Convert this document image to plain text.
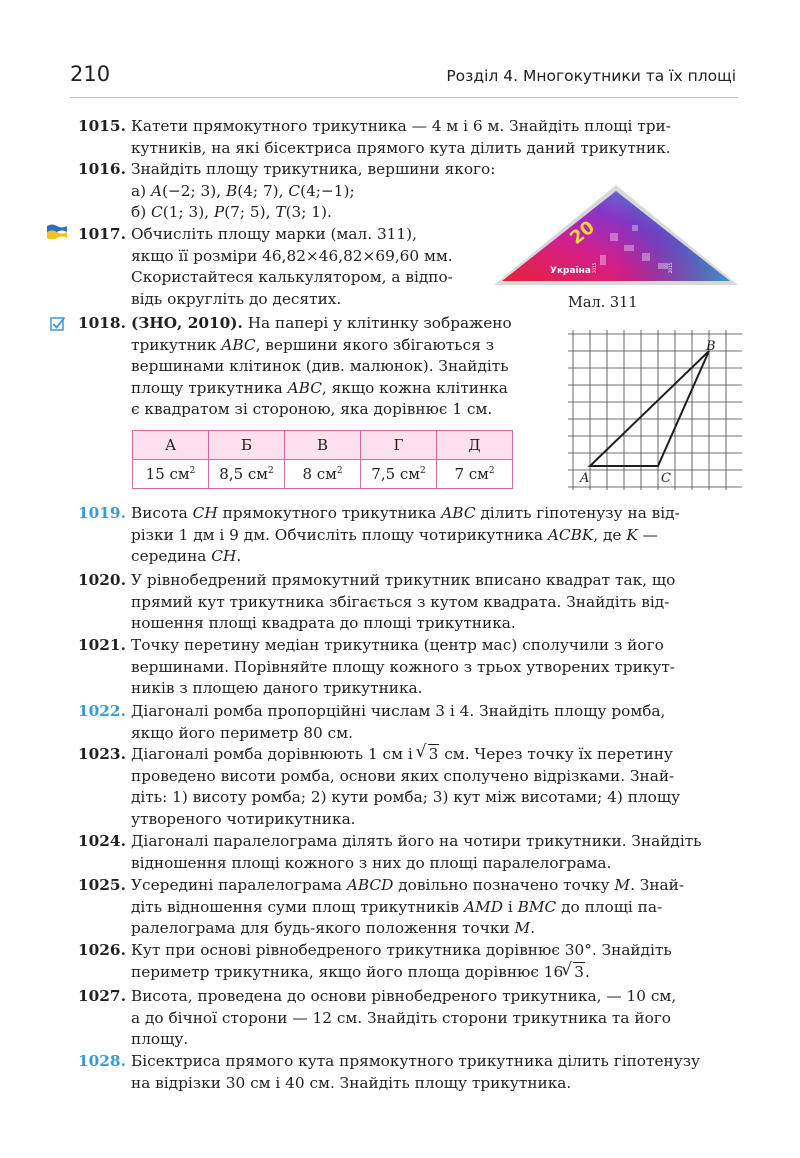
210	Розділ 4. Многокутники та їх площі
1015. Катети прямокутного трикутника — 4 м і 6 м. Знайдіть площі три-
кутників, на які бісектриса прямого кута ділить даний трикутник.
1016. Знайдіть площу трикутника, вершини якого:
а) A(−2; 3), B(4; 7), C(4;−1);
б) C(1; 3), P(7; 5), T(3; 1).
1017. Обчисліть площу марки (мал. 311),
якщо її розміри 46,82×46,82×69,60 мм.
Скористайтеся калькулятором, а відпо-
відь округліть до десятих.
Україна
20
2015	2015
Мал. 311
1018. (ЗНО, 2010). На папері у клітинку зображено
трикутник ABC, вершини якого збігаються з
вершинами клітинок (див. малюнок). Знайдіть
площу трикутника ABC, якщо кожна клітинка
є квадратом зі стороною, яка дорівнює 1 см.
A	C
B
А	Б	В	Г	Д
15 $см^2$	8,5 $см^2$	8 $см^2$	7,5 $см^2$	7 $см^2$
1019. Висота CH прямокутного трикутника ABC ділить гіпотенузу на від-
різки 1 дм і 9 дм. Обчисліть площу чотирикутника ACBK, де K —
середина CH.
1020. У рівнобедрений прямокутний трикутник вписано квадрат так, що
прямий кут трикутника збігається з кутом квадрата. Знайдіть від-
ношення площі квадрата до площі трикутника.
1021. Точку перетину медіан трикутника (центр мас) сполучили з його
вершинами. Порівняйте площу кожного з трьох утворених трикут-
ників з площею даного трикутника.
1022. Діагоналі ромба пропорційні числам 3 і 4. Знайдіть площу ромба,
якщо його периметр 80 см.
1023. Діагоналі ромба дорівнюють 1 см і √ 3 см. Через точку їх перетину
проведено висоти ромба, основи яких сполучено відрізками. Знай-
діть: 1) висоту ромба; 2) кути ромба; 3) кут між висотами; 4) площу
утвореного чотирикутника.
1024. Діагоналі паралелограма ділять його на чотири трикутники. Знайдіть
відношення площі кожного з них до площі паралелограма.
1025. Усередині паралелограма ABCD довільно позначено точку M. Знай-
діть відношення суми площ трикутників AMD і BMC до площі па-
ралелограма для будь-якого положення точки M.
1026. Кут при основі рівнобедреного трикутника дорівнює 30°. Знайдіть
периметр трикутника, якщо його площа дорівнює 16 √ 3.
1027. Висота, проведена до основи рівнобедреного трикутника, — 10 см,
а до бічної сторони — 12 см. Знайдіть сторони трикутника та його
площу.
1028. Бісектриса прямого кута прямокутного трикутника ділить гіпотенузу
на відрізки 30 см і 40 см. Знайдіть площу трикутника.
